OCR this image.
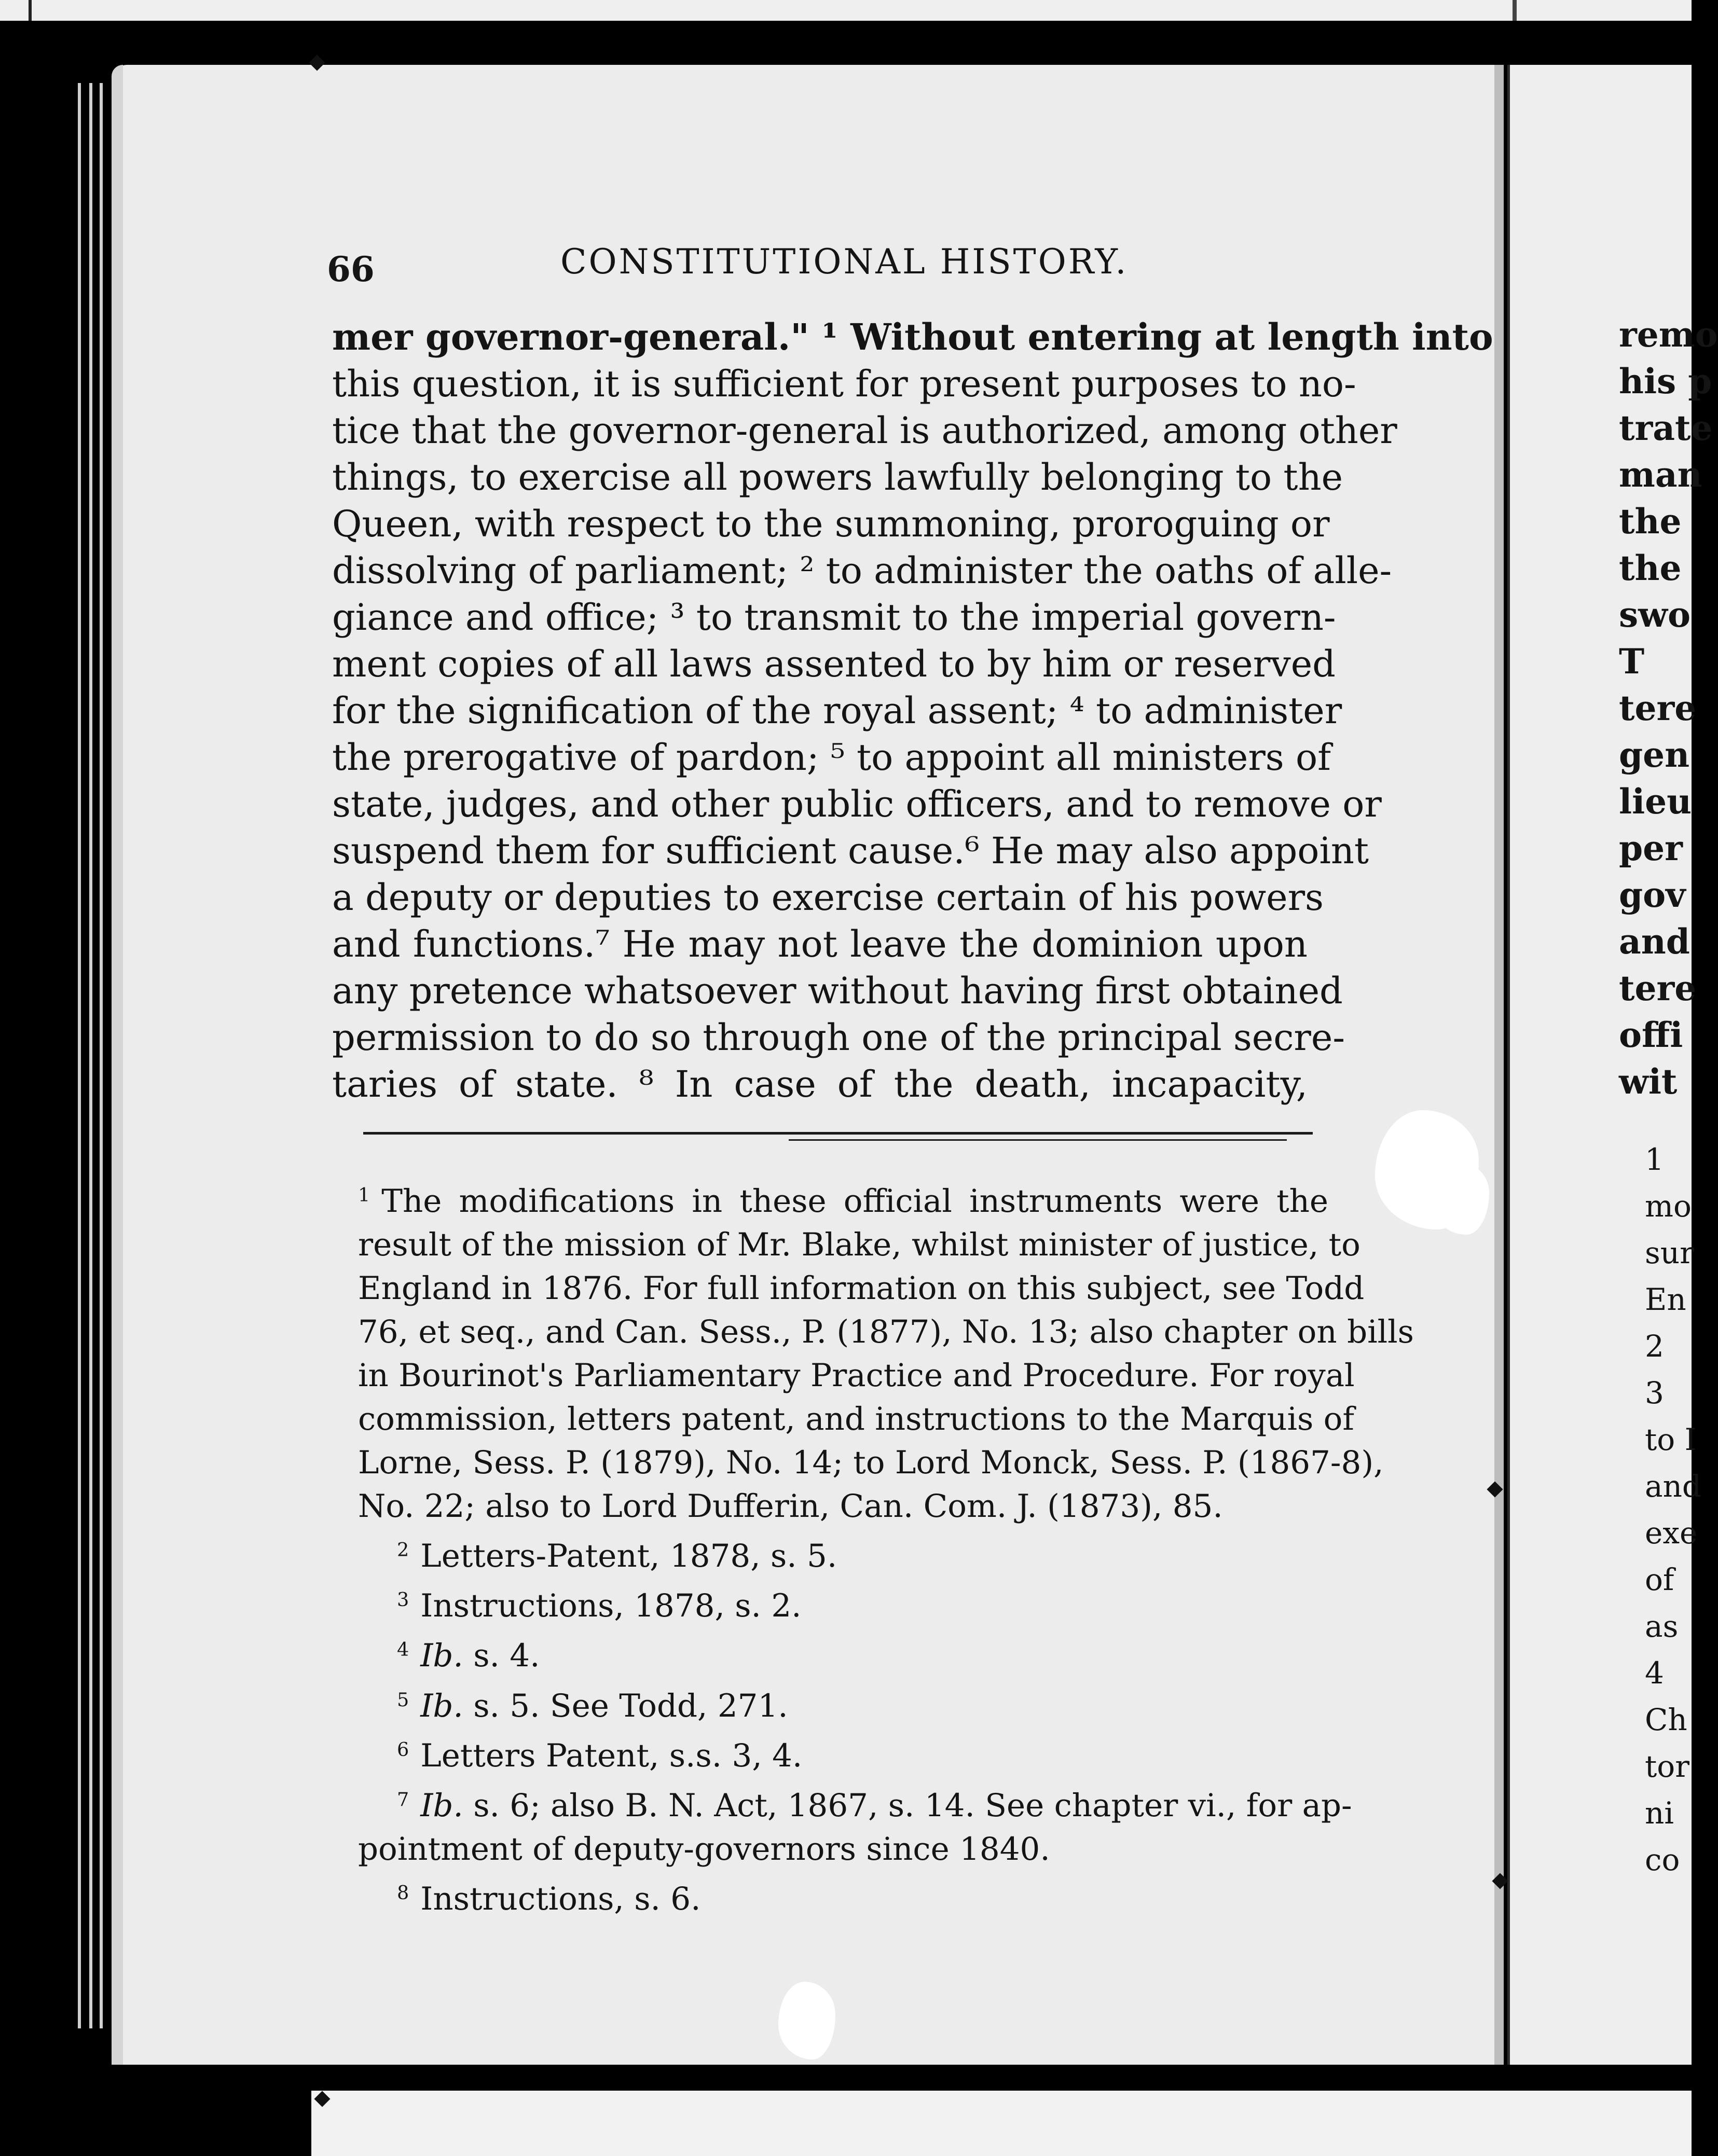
66	CONSTITUTIONAL HISTORY.
mer governor-general." ¹ Without entering at length into
this question, it is sufficient for present purposes to no-
tice that the governor-general is authorized, among other
things, to exercise all powers lawfully belonging to the
Queen, with respect to the summoning, proroguing or
dissolving of parliament; ² to administer the oaths of alle-
giance and office; ³ to transmit to the imperial govern-
ment copies of all laws assented to by him or reserved
for the signification of the royal assent; ⁴ to administer
the prerogative of pardon; ⁵ to appoint all ministers of
state, judges, and other public officers, and to remove or
suspend them for sufficient cause.⁶ He may also appoint
a deputy or deputies to exercise certain of his powers
and functions.⁷ He may not leave the dominion upon
any pretence whatsoever without having first obtained
permission to do so through one of the principal secre-
taries of state. ⁸ In case of the death, incapacity,
$^1$ The modifications in these official instruments were the
result of the mission of Mr. Blake, whilst minister of justice, to
England in 1876. For full information on this subject, see Todd
76, et seq., and Can. Sess., P. (1877), No. 13; also chapter on bills
in Bourinot's Parliamentary Practice and Procedure. For royal
commission, letters patent, and instructions to the Marquis of
Lorne, Sess. P. (1879), No. 14; to Lord Monck, Sess. P. (1867-8),
No. 22; also to Lord Dufferin, Can. Com. J. (1873), 85.
$^2$ Letters-Patent, 1878, s. 5.
$^3$ Instructions, 1878, s. 2.
$^4$ Ib. s. 4.
$^5$ Ib. s. 5. See Todd, 271.
$^6$ Letters Patent, s.s. 3, 4.
$^7$ Ib. s. 6; also B. N. Act, 1867, s. 14. See chapter vi., for ap-
pointment of deputy-governors since 1840.
$^8$ Instructions, s. 6.
remo
his p
trate
man
the
the
swo
T
tere
gen
lieu
per
gov
and
tere
offi
wit
1
mo
sur
En
2
3
to I
and
exe
of
as
4
Ch
tor
ni
co
